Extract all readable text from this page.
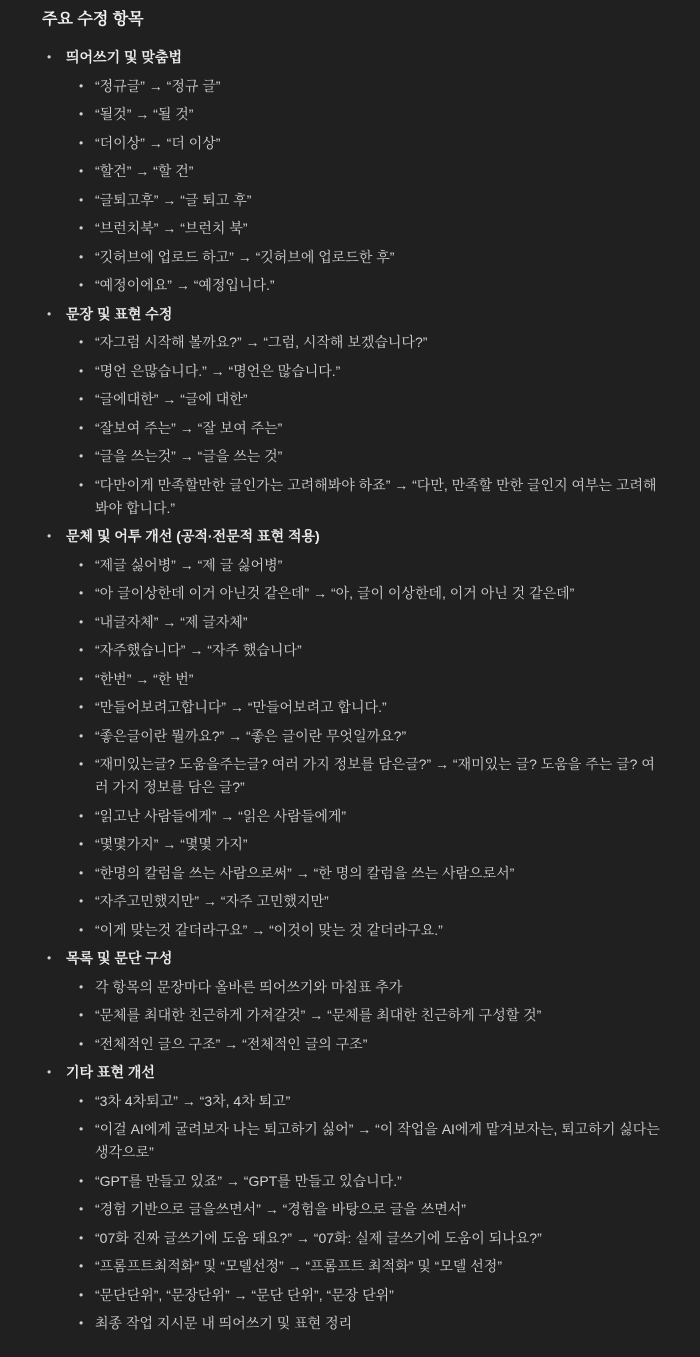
주요 수정 항목
• 띄어쓰기 및 맞춤법
• “정규글” → “정규 글”
• “될것” → “될 것”
• “더이상” → “더 이상”
• “할건” → “할 건”
• “글퇴고후” → “글 퇴고 후”
• “브런치북” → “브런치 북”
• “깃허브에 업로드 하고” → “깃허브에 업로드한 후”
• “예정이에요” → “예정입니다.”
• 문장 및 표현 수정
• “자그럼 시작해 볼까요?” → “그럼, 시작해 보겠습니다?”
• “명언 은많습니다.” → “명언은 많습니다.”
• “글에대한” → “글에 대한”
• “잘보여 주는” → “잘 보여 주는”
• “글을 쓰는것” → “글을 쓰는 것”
• “다만이게 만족할만한 글인가는 고려해봐야 하죠” → “다만, 만족할 만한 글인지 여부는 고려해봐야 합니다.”
• 문체 및 어투 개선 (공적·전문적 표현 적용)
• “제글 싫어병” → “제 글 싫어병”
• “아 글이상한데 이거 아닌것 같은데” → “아, 글이 이상한데, 이거 아닌 것 같은데”
• “내글자체” → “제 글자체”
• “자주했습니다” → “자주 했습니다”
• “한번” → “한 번”
• “만들어보려고합니다” → “만들어보려고 합니다.”
• “좋은글이란 뭘까요?” → “좋은 글이란 무엇일까요?”
• “재미있는글? 도움을주는글? 여러 가지 정보를 담은글?” → “재미있는 글? 도움을 주는 글? 여러 가지 정보를 담은 글?”
• “읽고난 사람들에게” → “읽은 사람들에게”
• “몇몇가지” → “몇몇 가지”
• “한명의 칼럼을 쓰는 사람으로써” → “한 명의 칼럼을 쓰는 사람으로서”
• “자주고민했지만” → “자주 고민했지만”
• “이게 맞는것 같더라구요” → “이것이 맞는 것 같더라구요.”
• 목록 및 문단 구성
• 각 항목의 문장마다 올바른 띄어쓰기와 마침표 추가
• “문체를 최대한 친근하게 가져갈것” → “문체를 최대한 친근하게 구성할 것”
• “전체적인 글으 구조” → “전체적인 글의 구조”
• 기타 표현 개선
• “3차 4차퇴고” → “3차, 4차 퇴고”
• “이걸 AI에게 굴려보자 나는 퇴고하기 싫어” → “이 작업을 AI에게 맡겨보자는, 퇴고하기 싫다는 생각으로”
• “GPT를 만들고 있죠” → “GPT를 만들고 있습니다.”
• “경험 기반으로 글을쓰면서” → “경험을 바탕으로 글을 쓰면서”
• “07화 진짜 글쓰기에 도움 돼요?” → “07화: 실제 글쓰기에 도움이 되나요?”
• “프롬프트최적화” 및 “모델선정” → “프롬프트 최적화” 및 “모델 선정”
• “문단단위”, “문장단위” → “문단 단위”, “문장 단위”
• 최종 작업 지시문 내 띄어쓰기 및 표현 정리
